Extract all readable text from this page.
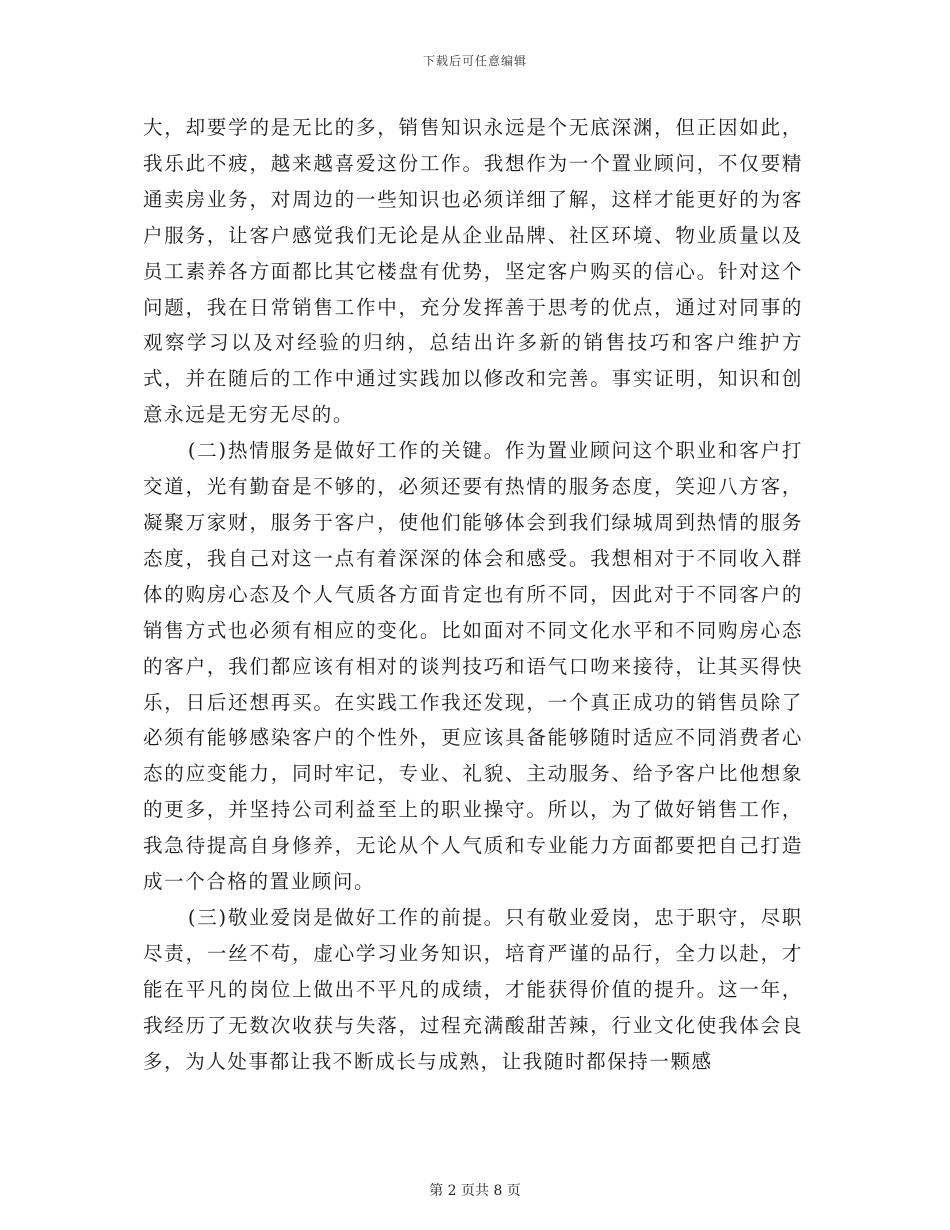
下载后可任意编辑

大，却要学的是无比的多，销售知识永远是个无底深渊，但正因如此，我乐此不疲，越来越喜爱这份工作。我想作为一个置业顾问，不仅要精通卖房业务，对周边的一些知识也必须详细了解，这样才能更好的为客户服务，让客户感觉我们无论是从企业品牌、社区环境、物业质量以及员工素养各方面都比其它楼盘有优势，坚定客户购买的信心。针对这个问题，我在日常销售工作中，充分发挥善于思考的优点，通过对同事的观察学习以及对经验的归纳，总结出许多新的销售技巧和客户维护方式，并在随后的工作中通过实践加以修改和完善。事实证明，知识和创意永远是无穷无尽的。

(二)热情服务是做好工作的关键。作为置业顾问这个职业和客户打交道，光有勤奋是不够的，必须还要有热情的服务态度，笑迎八方客，凝聚万家财，服务于客户，使他们能够体会到我们绿城周到热情的服务态度，我自己对这一点有着深深的体会和感受。我想相对于不同收入群体的购房心态及个人气质各方面肯定也有所不同，因此对于不同客户的销售方式也必须有相应的变化。比如面对不同文化水平和不同购房心态的客户，我们都应该有相对的谈判技巧和语气口吻来接待，让其买得快乐，日后还想再买。在实践工作我还发现，一个真正成功的销售员除了必须有能够感染客户的个性外，更应该具备能够随时适应不同消费者心态的应变能力，同时牢记，专业、礼貌、主动服务、给予客户比他想象的更多，并坚持公司利益至上的职业操守。所以，为了做好销售工作，我急待提高自身修养，无论从个人气质和专业能力方面都要把自己打造成一个合格的置业顾问。

(三)敬业爱岗是做好工作的前提。只有敬业爱岗，忠于职守，尽职尽责，一丝不苟，虚心学习业务知识，培育严谨的品行，全力以赴，才能在平凡的岗位上做出不平凡的成绩，才能获得价值的提升。这一年，我经历了无数次收获与失落，过程充满酸甜苦辣，行业文化使我体会良多，为人处事都让我不断成长与成熟，让我随时都保持一颗感

第 2 页共 8 页
